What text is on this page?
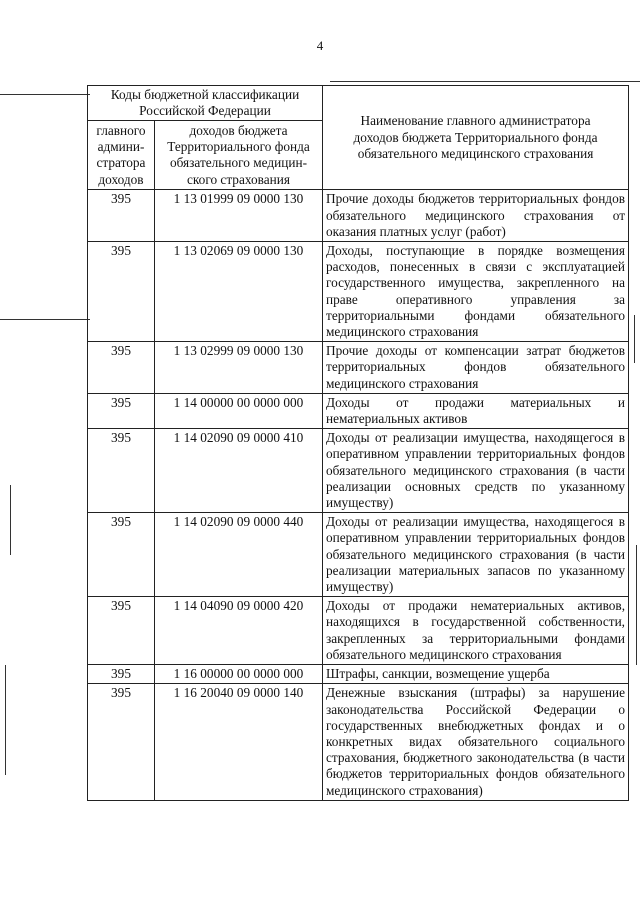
4
Коды бюджетной классификации Российской Федерации		Наименование главного администратора доходов бюджета Территориального фонда обязательного медицинского страхования
главного админи-стратора доходов	доходов бюджета Территориального фонда обязательного медицин-ского страхования	
395	1 13 01999 09 0000 130	Прочие доходы бюджетов территориальных фондов обязательного медицинского страхования от оказания платных услуг (работ)
395	1 13 02069 09 0000 130	Доходы, поступающие в порядке возмещения расходов, понесенных в связи с эксплуатацией государственного имущества, закрепленного на праве оперативного управления за территориальными фондами обязательного медицинского страхования
395	1 13 02999 09 0000 130	Прочие доходы от компенсации затрат бюджетов территориальных фондов обязательного медицинского страхования
395	1 14 00000 00 0000 000	Доходы от продажи материальных и нематериальных активов
395	1 14 02090 09 0000 410	Доходы от реализации имущества, находящегося в оперативном управлении территориальных фондов обязательного медицинского страхования (в части реализации основных средств по указанному имуществу)
395	1 14 02090 09 0000 440	Доходы от реализации имущества, находящегося в оперативном управлении территориальных фондов обязательного медицинского страхования (в части реализации материальных запасов по указанному имуществу)
395	1 14 04090 09 0000 420	Доходы от продажи нематериальных активов, находящихся в государственной собственности, закрепленных за территориальными фондами обязательного медицинского страхования
395	1 16 00000 00 0000 000	Штрафы, санкции, возмещение ущерба
395	1 16 20040 09 0000 140	Денежные взыскания (штрафы) за нарушение законодательства Российской Федерации о государственных внебюджетных фондах и о конкретных видах обязательного социального страхования, бюджетного законодательства (в части бюджетов территориальных фондов обязательного медицинского страхования)
